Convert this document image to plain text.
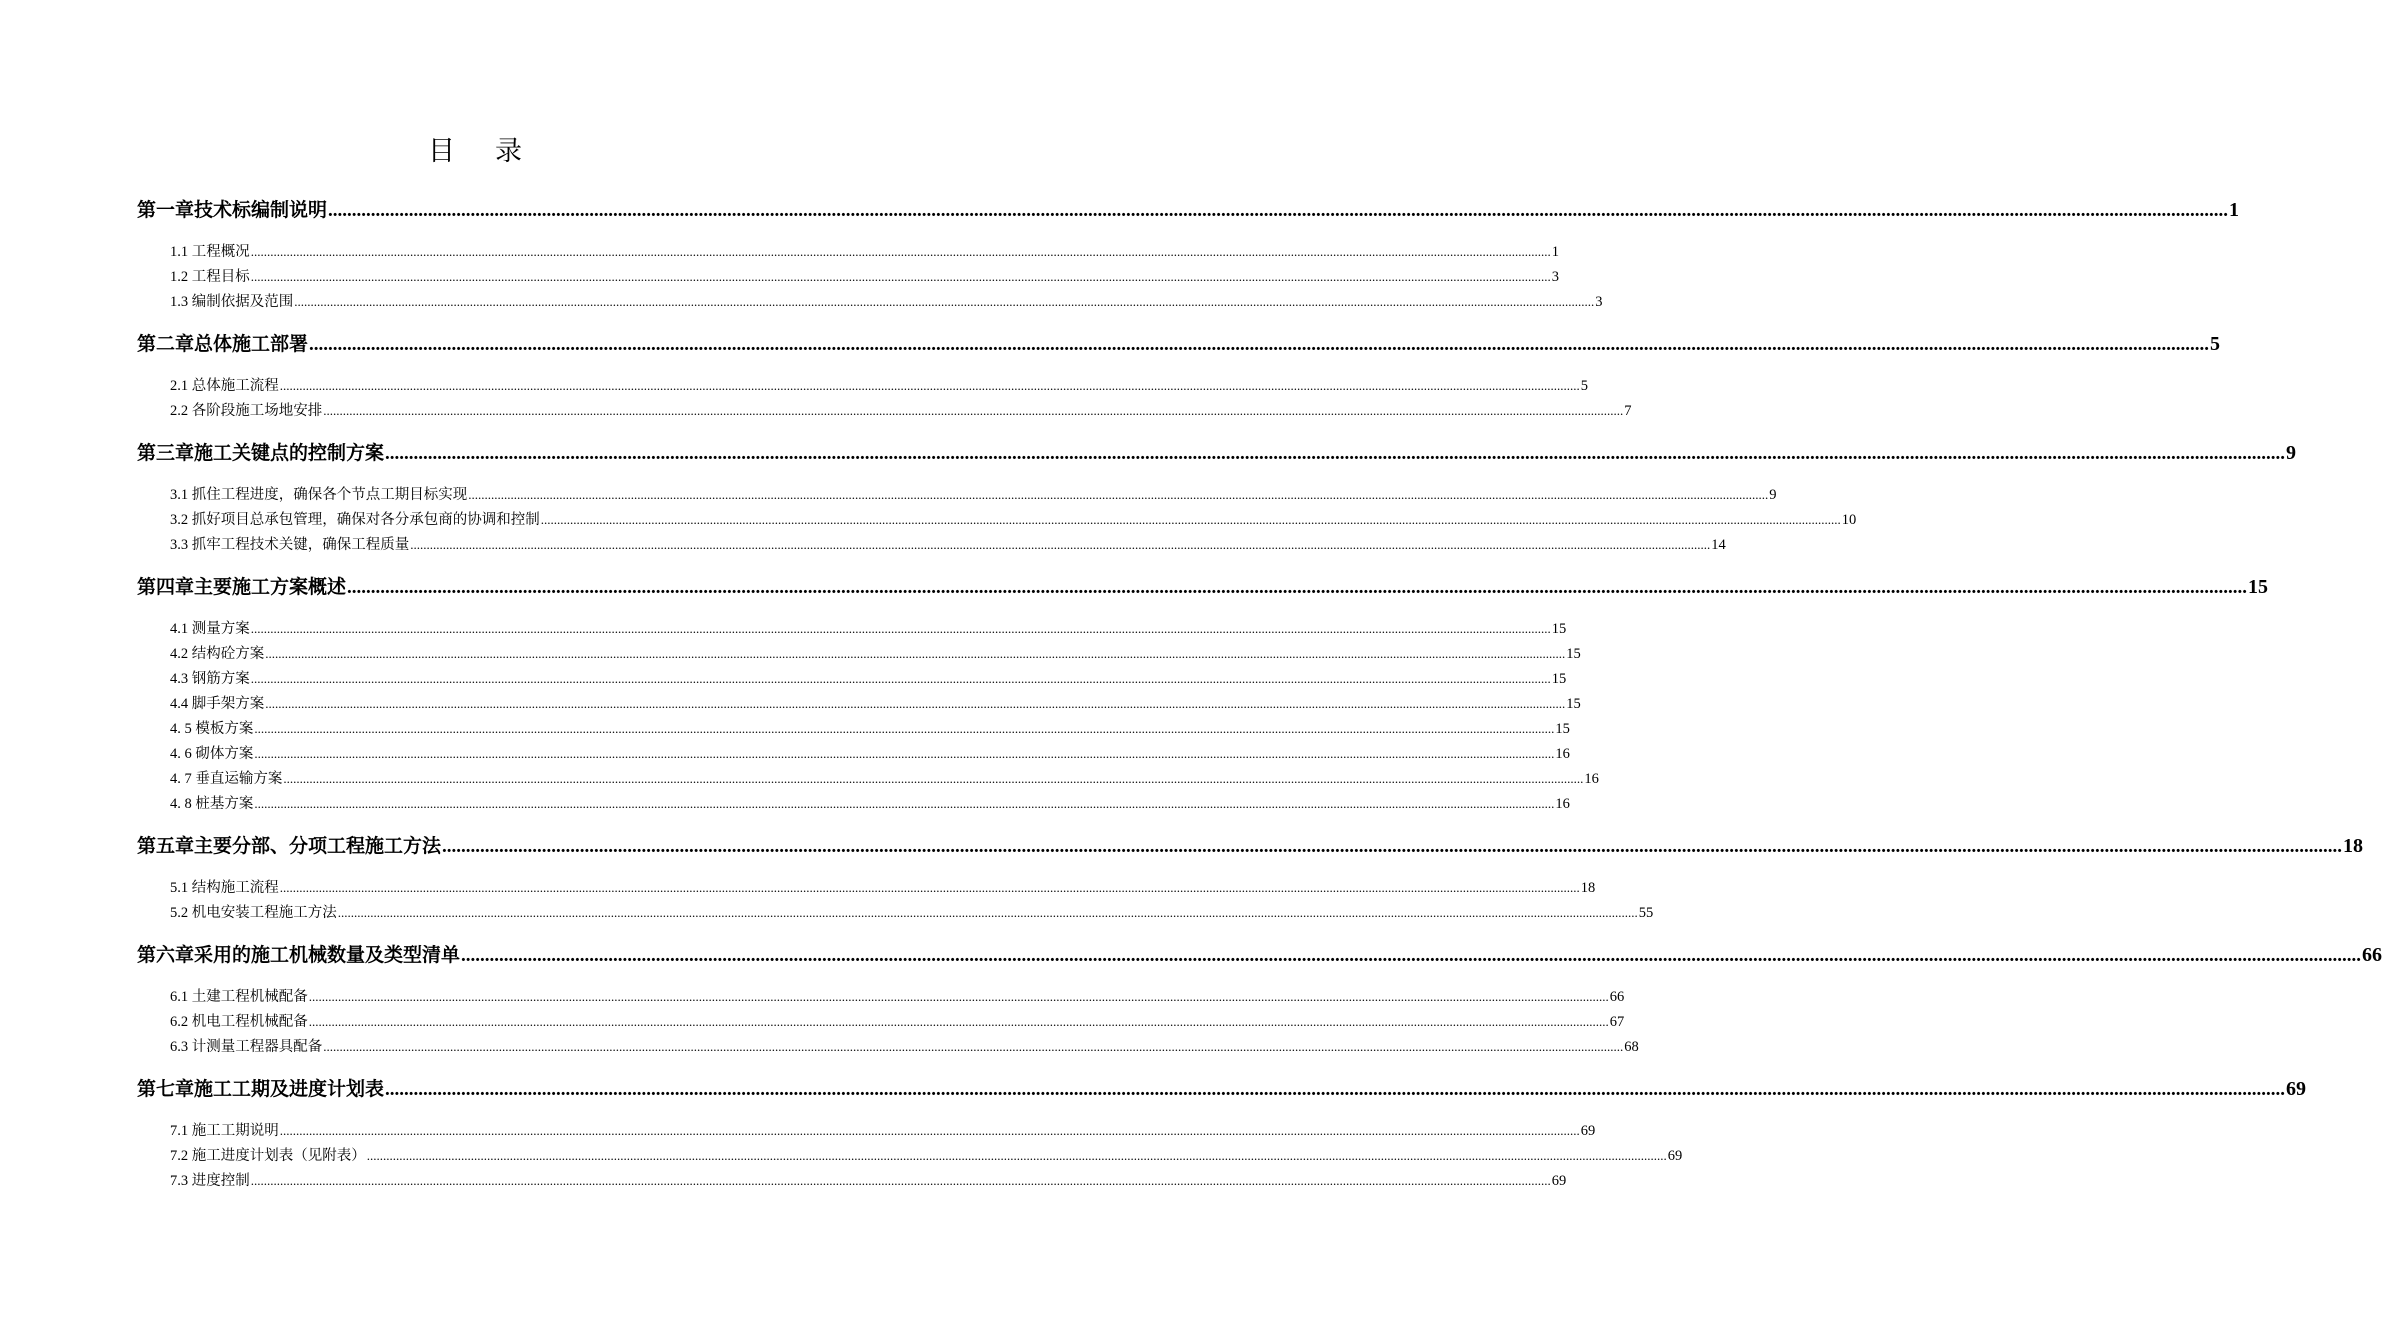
目 录
第一章 技术标编制说明 ................................................................................................................................................................................................................................................................................................................................................................................................................ 1
1.1 工程概况 ................................................................................................................................................................................................................................................................................................................................................................................................................ 1
1.2 工程目标 ................................................................................................................................................................................................................................................................................................................................................................................................................ 3
1.3 编制依据及范围 ................................................................................................................................................................................................................................................................................................................................................................................................................ 3
第二章 总体施工部署 ................................................................................................................................................................................................................................................................................................................................................................................................................ 5
2.1 总体施工流程 ................................................................................................................................................................................................................................................................................................................................................................................................................ 5
2.2 各阶段施工场地安排 ................................................................................................................................................................................................................................................................................................................................................................................................................ 7
第三章 施工关键点的控制方案 ................................................................................................................................................................................................................................................................................................................................................................................................................ 9
3.1 抓住工程进度，确保各个节点工期目标实现 ................................................................................................................................................................................................................................................................................................................................................................................................................ 9
3.2 抓好项目总承包管理，确保对各分承包商的协调和控制 ................................................................................................................................................................................................................................................................................................................................................................................................................ 10
3.3 抓牢工程技术关键，确保工程质量 ................................................................................................................................................................................................................................................................................................................................................................................................................ 14
第四章 主要施工方案概述 ................................................................................................................................................................................................................................................................................................................................................................................................................ 15
4.1 测量方案 ................................................................................................................................................................................................................................................................................................................................................................................................................ 15
4.2 结构砼方案 ................................................................................................................................................................................................................................................................................................................................................................................................................ 15
4.3 钢筋方案 ................................................................................................................................................................................................................................................................................................................................................................................................................ 15
4.4 脚手架方案 ................................................................................................................................................................................................................................................................................................................................................................................................................ 15
4. 5 模板方案 ................................................................................................................................................................................................................................................................................................................................................................................................................ 15
4. 6 砌体方案 ................................................................................................................................................................................................................................................................................................................................................................................................................ 16
4. 7 垂直运输方案 ................................................................................................................................................................................................................................................................................................................................................................................................................ 16
4. 8 桩基方案 ................................................................................................................................................................................................................................................................................................................................................................................................................ 16
第五章 主要分部、分项工程施工方法 ................................................................................................................................................................................................................................................................................................................................................................................................................ 18
5.1 结构施工流程 ................................................................................................................................................................................................................................................................................................................................................................................................................ 18
5.2 机电安装工程施工方法 ................................................................................................................................................................................................................................................................................................................................................................................................................ 55
第六章 采用的施工机械数量及类型清单 ................................................................................................................................................................................................................................................................................................................................................................................................................ 66
6.1 土建工程机械配备 ................................................................................................................................................................................................................................................................................................................................................................................................................ 66
6.2 机电工程机械配备 ................................................................................................................................................................................................................................................................................................................................................................................................................ 67
6.3 计测量工程器具配备 ................................................................................................................................................................................................................................................................................................................................................................................................................ 68
第七章 施工工期及进度计划表 ................................................................................................................................................................................................................................................................................................................................................................................................................ 69
7.1 施工工期说明 ................................................................................................................................................................................................................................................................................................................................................................................................................ 69
7.2 施工进度计划表（见附表） ................................................................................................................................................................................................................................................................................................................................................................................................................ 69
7.3 进度控制 ................................................................................................................................................................................................................................................................................................................................................................................................................ 69
